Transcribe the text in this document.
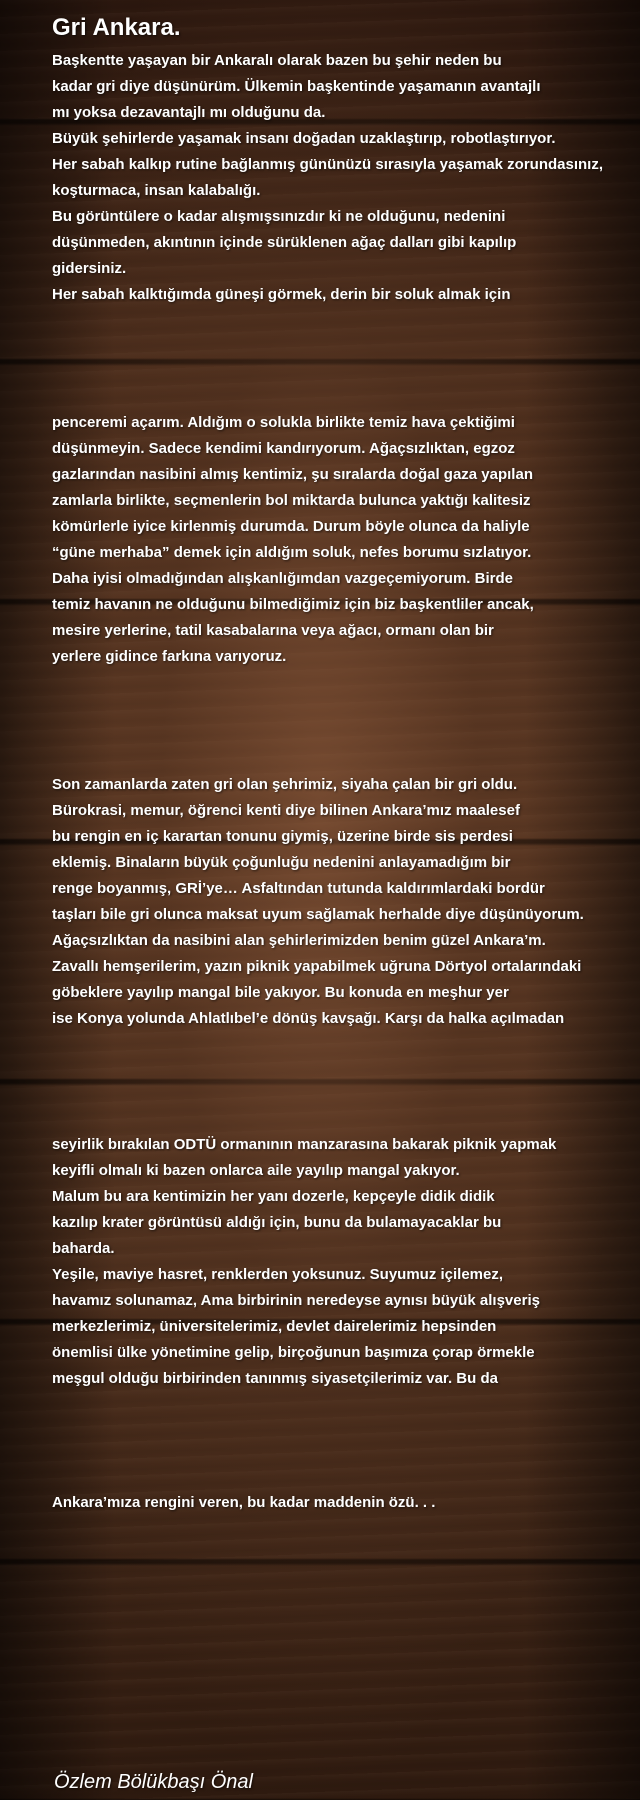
Gri Ankara.
Başkentte yaşayan bir Ankaralı olarak bazen bu şehir neden bu
kadar gri diye düşünürüm. Ülkemin başkentinde yaşamanın avantajlı
mı yoksa dezavantajlı mı olduğunu da.
Büyük şehirlerde yaşamak insanı doğadan uzaklaştırıp, robotlaştırıyor.
Her sabah kalkıp rutine bağlanmış gününüzü sırasıyla yaşamak zorundasınız,
koşturmaca, insan kalabalığı.
Bu görüntülere o kadar alışmışsınızdır ki ne olduğunu, nedenini
düşünmeden, akıntının içinde sürüklenen ağaç dalları gibi kapılıp
gidersiniz.
Her sabah kalktığımda güneşi görmek, derin bir soluk almak için
penceremi açarım. Aldığım o solukla birlikte temiz hava çektiğimi
düşünmeyin. Sadece kendimi kandırıyorum. Ağaçsızlıktan, egzoz
gazlarından nasibini almış kentimiz, şu sıralarda doğal gaza yapılan
zamlarla birlikte, seçmenlerin bol miktarda bulunca yaktığı kalitesiz
kömürlerle iyice kirlenmiş durumda. Durum böyle olunca da haliyle
“güne merhaba” demek için aldığım soluk, nefes borumu sızlatıyor.
Daha iyisi olmadığından alışkanlığımdan vazgeçemiyorum. Birde
temiz havanın ne olduğunu bilmediğimiz için biz başkentliler ancak,
mesire yerlerine, tatil kasabalarına veya ağacı, ormanı olan bir
yerlere gidince farkına varıyoruz.
Son zamanlarda zaten gri olan şehrimiz, siyaha çalan bir gri oldu.
Bürokrasi, memur, öğrenci kenti diye bilinen Ankara’mız maalesef
bu rengin en iç karartan tonunu giymiş, üzerine birde sis perdesi
eklemiş. Binaların büyük çoğunluğu nedenini anlayamadığım bir
renge boyanmış, GRİ’ye… Asfaltından tutunda kaldırımlardaki bordür
taşları bile gri olunca maksat uyum sağlamak herhalde diye düşünüyorum.
Ağaçsızlıktan da nasibini alan şehirlerimizden benim güzel Ankara’m.
Zavallı hemşerilerim, yazın piknik yapabilmek uğruna Dörtyol ortalarındaki
göbeklere yayılıp mangal bile yakıyor. Bu konuda en meşhur yer
ise Konya yolunda Ahlatlıbel’e dönüş kavşağı. Karşı da halka açılmadan
seyirlik bırakılan ODTÜ ormanının manzarasına bakarak piknik yapmak
keyifli olmalı ki bazen onlarca aile yayılıp mangal yakıyor.
Malum bu ara kentimizin her yanı dozerle, kepçeyle didik didik
kazılıp krater görüntüsü aldığı için, bunu da bulamayacaklar bu
baharda.
Yeşile, maviye hasret, renklerden yoksunuz. Suyumuz içilemez,
havamız solunamaz, Ama birbirinin neredeyse aynısı büyük alışveriş
merkezlerimiz, üniversitelerimiz, devlet dairelerimiz hepsinden
önemlisi ülke yönetimine gelip, birçoğunun başımıza çorap örmekle
meşgul olduğu birbirinden tanınmış siyasetçilerimiz var. Bu da
Ankara’mıza rengini veren, bu kadar maddenin özü. . .

Özlem Bölükbaşı Önal
